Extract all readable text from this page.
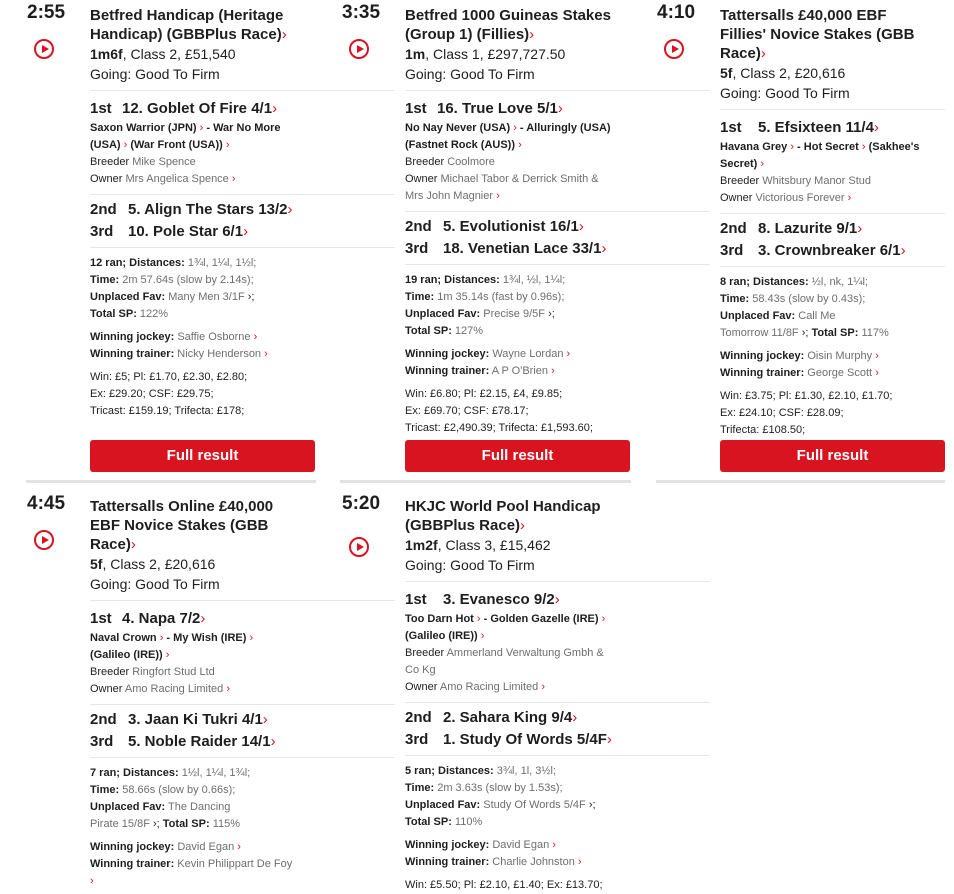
2:55 Betfred Handicap (Heritage
Handicap) (GBBPlus Race)›
1m6f, Class 2, £51,540
Going: Good To Firm
1st 12. Goblet Of Fire 4/1›
Saxon Warrior (JPN) › - War No More
(USA) › (War Front (USA)) ›
Breeder Mike Spence
Owner Mrs Angelica Spence ›
2nd 5. Align The Stars 13/2›
3rd 10. Pole Star 6/1›
12 ran; Distances: 1¾l, 1¼l, 1½l;
Time: 2m 57.64s (slow by 2.14s);
Unplaced Fav: Many Men 3/1F ›;
Total SP: 122%
Winning jockey: Saffie Osborne ›
Winning trainer: Nicky Henderson ›
Win: £5; Pl: £1.70, £2.30, £2.80;
Ex: £29.20; CSF: £29.75;
Tricast: £159.19; Trifecta: £178;
Full result
3:35 Betfred 1000 Guineas Stakes
(Group 1) (Fillies)›
1m, Class 1, £297,727.50
Going: Good To Firm
1st 16. True Love 5/1›
No Nay Never (USA) › - Alluringly (USA)
(Fastnet Rock (AUS)) ›
Breeder Coolmore
Owner Michael Tabor & Derrick Smith &
Mrs John Magnier ›
2nd 5. Evolutionist 16/1›
3rd 18. Venetian Lace 33/1›
19 ran; Distances: 1¾l, ½l, 1¼l;
Time: 1m 35.14s (fast by 0.96s);
Unplaced Fav: Precise 9/5F ›;
Total SP: 127%
Winning jockey: Wayne Lordan ›
Winning trainer: A P O'Brien ›
Win: £6.80; Pl: £2.15, £4, £9.85;
Ex: £69.70; CSF: £78.17;
Tricast: £2,490.39; Trifecta: £1,593.60;
Full result
4:10 Tattersalls £40,000 EBF
Fillies' Novice Stakes (GBB
Race)›
5f, Class 2, £20,616
Going: Good To Firm
1st 5. Efsixteen 11/4›
Havana Grey › - Hot Secret › (Sakhee's
Secret) ›
Breeder Whitsbury Manor Stud
Owner Victorious Forever ›
2nd 8. Lazurite 9/1›
3rd 3. Crownbreaker 6/1›
8 ran; Distances: ½l, nk, 1¼l;
Time: 58.43s (slow by 0.43s);
Unplaced Fav: Call Me
Tomorrow 11/8F ›; Total SP: 117%
Winning jockey: Oisin Murphy ›
Winning trainer: George Scott ›
Win: £3.75; Pl: £1.30, £2.10, £1.70;
Ex: £24.10; CSF: £28.09;
Trifecta: £108.50;
Full result
4:45 Tattersalls Online £40,000
EBF Novice Stakes (GBB
Race)›
5f, Class 2, £20,616
Going: Good To Firm
1st 4. Napa 7/2›
Naval Crown › - My Wish (IRE) ›
(Galileo (IRE)) ›
Breeder Ringfort Stud Ltd
Owner Amo Racing Limited ›
2nd 3. Jaan Ki Tukri 4/1›
3rd 5. Noble Raider 14/1›
7 ran; Distances: 1½l, 1¼l, 1¾l;
Time: 58.66s (slow by 0.66s);
Unplaced Fav: The Dancing
Pirate 15/8F ›; Total SP: 115%
Winning jockey: David Egan ›
Winning trainer: Kevin Philippart De Foy
›
5:20 HKJC World Pool Handicap
(GBBPlus Race)›
1m2f, Class 3, £15,462
Going: Good To Firm
1st 3. Evanesco 9/2›
Too Darn Hot › - Golden Gazelle (IRE) ›
(Galileo (IRE)) ›
Breeder Ammerland Verwaltung Gmbh &
Co Kg
Owner Amo Racing Limited ›
2nd 2. Sahara King 9/4›
3rd 1. Study Of Words 5/4F›
5 ran; Distances: 3¾l, 1l, 3½l;
Time: 2m 3.63s (slow by 1.53s);
Unplaced Fav: Study Of Words 5/4F ›;
Total SP: 110%
Winning jockey: David Egan ›
Winning trainer: Charlie Johnston ›
Win: £5.50; Pl: £2.10, £1.40; Ex: £13.70;
